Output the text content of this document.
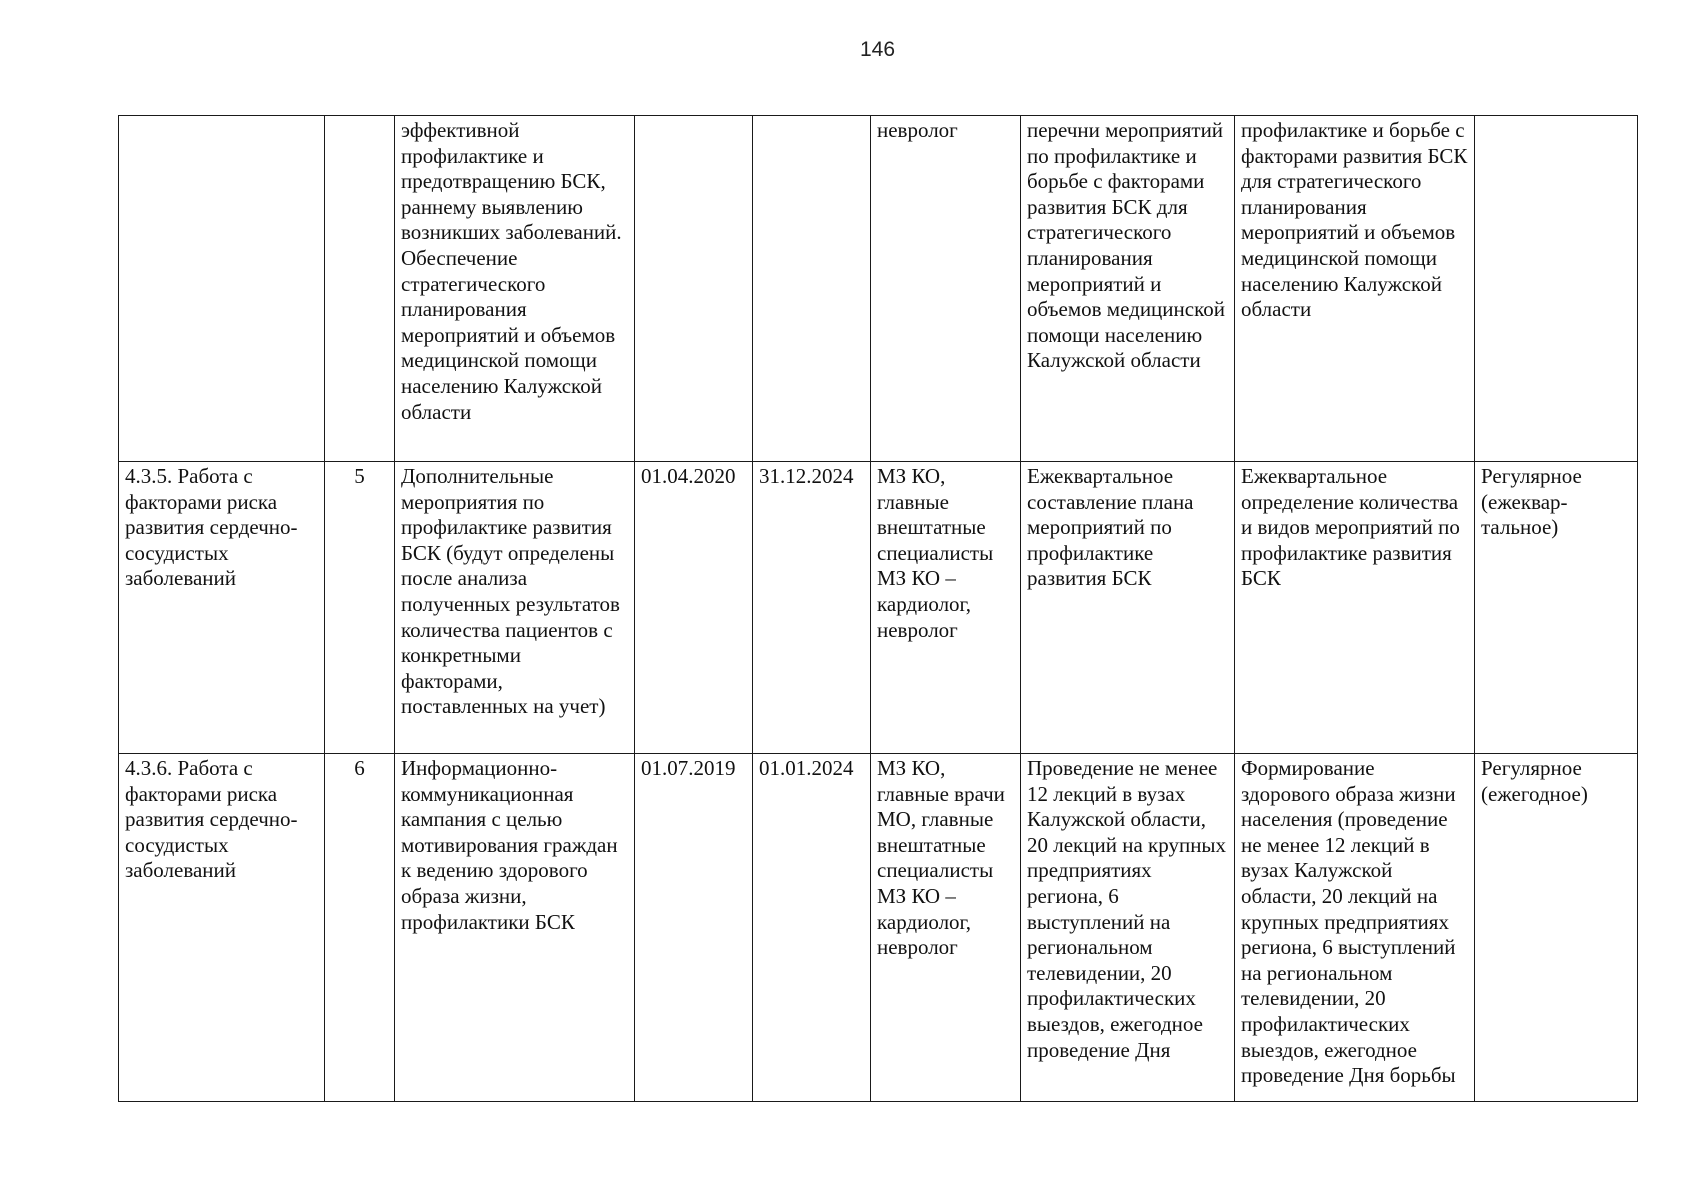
146
		эффективной профилактике и предотвращению БСК, раннему выявлению возникших заболеваний. Обеспечение стратегического планирования мероприятий и объемов медицинской помощи населению Калужской области			невролог	перечни мероприятий по профилактике и борьбе с факторами развития БСК для стратегического планирования мероприятий и объемов медицинской помощи населению Калужской области	профилактике и борьбе с факторами развития БСК для стратегического планирования мероприятий и объемов медицинской помощи населению Калужской области	
4.3.5. Работа с факторами риска развития сердечно-сосудистых заболеваний	5	Дополнительные мероприятия по профилактике развития БСК (будут определены после анализа полученных результатов количества пациентов с конкретными факторами, поставленных на учет)	01.04.2020	31.12.2024	МЗ КО, главные внештатные специалисты МЗ КО – кардиолог, невролог	Ежеквартальное составление плана мероприятий по профилактике развития БСК	Ежеквартальное определение количества и видов мероприятий по профилактике развития БСК	Регулярное (ежеквар-тальное)
4.3.6. Работа с факторами риска развития сердечно-сосудистых заболеваний	6	Информационно-коммуникационная кампания с целью мотивирования граждан к ведению здорового образа жизни, профилактики БСК	01.07.2019	01.01.2024	МЗ КО, главные врачи МО, главные внештатные специалисты МЗ КО – кардиолог, невролог	Проведение не менее 12 лекций в вузах Калужской области, 20 лекций на крупных предприятиях региона, 6 выступлений на региональном телевидении, 20 профилактических выездов, ежегодное проведение Дня	Формирование здорового образа жизни населения (проведение не менее 12 лекций в вузах Калужской области, 20 лекций на крупных предприятиях региона, 6 выступлений на региональном телевидении, 20 профилактических выездов, ежегодное проведение Дня борьбы	Регулярное (ежегодное)
